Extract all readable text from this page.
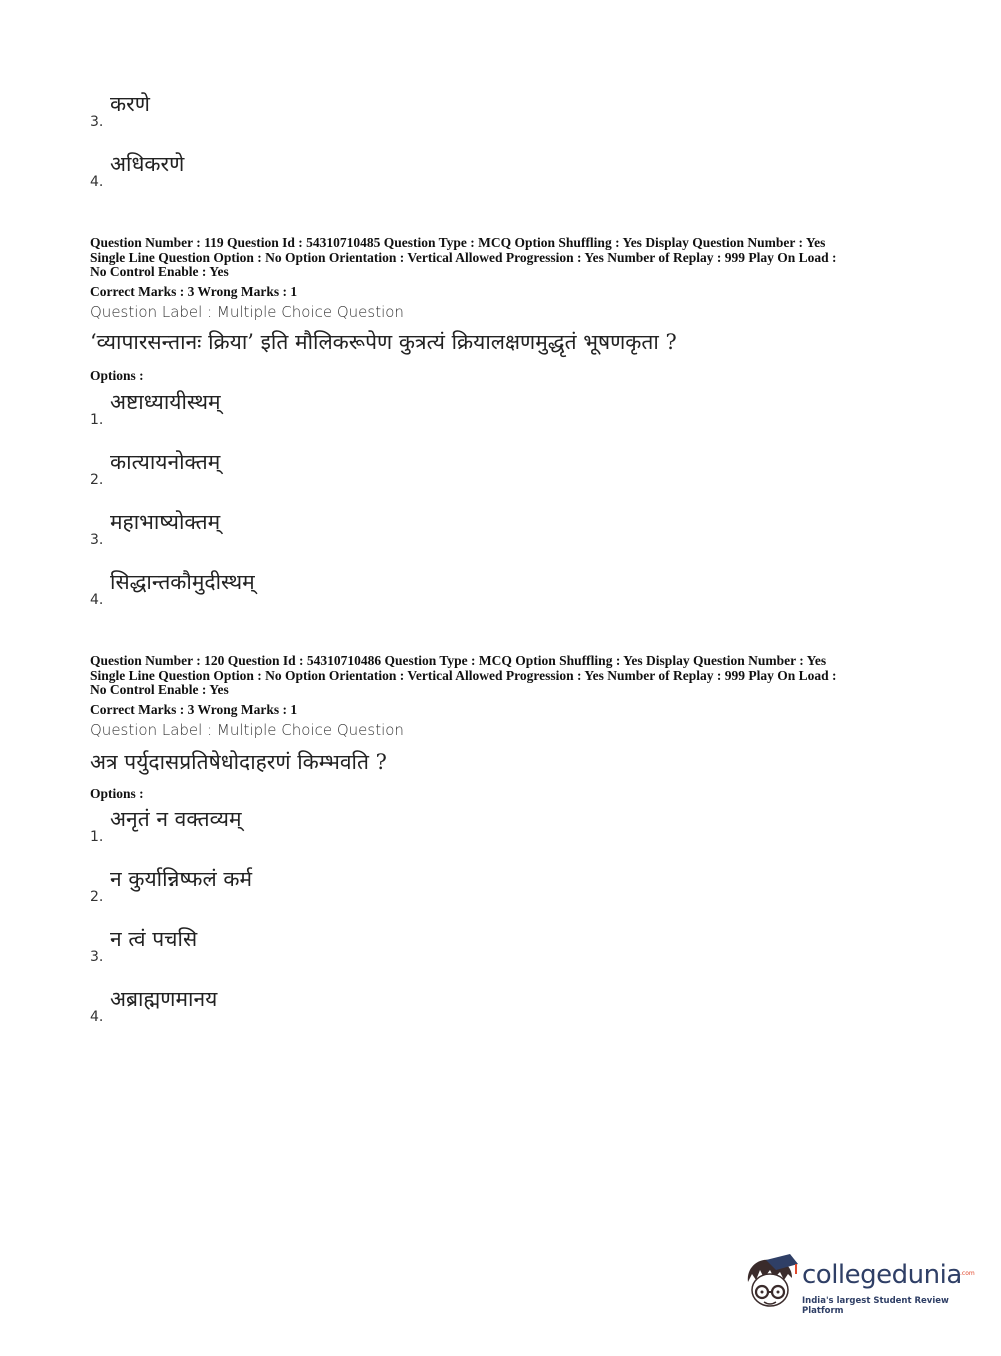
3.
करणे
4.
अधिकरणे
Question Number : 119 Question Id : 54310710485 Question Type : MCQ Option Shuffling : Yes Display Question Number : Yes
Single Line Question Option : No Option Orientation : Vertical Allowed Progression : Yes Number of Replay : 999 Play On Load :
No Control Enable : Yes
Correct Marks : 3 Wrong Marks : 1
Question Label : Multiple Choice Question
‘व्यापारसन्तानः क्रिया’ इति मौलिकरूपेण कुत्रत्यं क्रियालक्षणमुद्धृतं भूषणकृता ?
Options :
1.
अष्टाध्यायीस्थम्
2.
कात्यायनोक्तम्
3.
महाभाष्योक्तम्
4.
सिद्धान्तकौमुदीस्थम्
Question Number : 120 Question Id : 54310710486 Question Type : MCQ Option Shuffling : Yes Display Question Number : Yes
Single Line Question Option : No Option Orientation : Vertical Allowed Progression : Yes Number of Replay : 999 Play On Load :
No Control Enable : Yes
Correct Marks : 3 Wrong Marks : 1
Question Label : Multiple Choice Question
अत्र पर्युदासप्रतिषेधोदाहरणं किम्भवति ?
Options :
1.
अनृतं न वक्तव्यम्
2.
न कुर्यान्निष्फलं कर्म
3.
न त्वं पचसि
4.
अब्राह्मणमानय
collegedunia
.com
India's largest Student Review Platform
